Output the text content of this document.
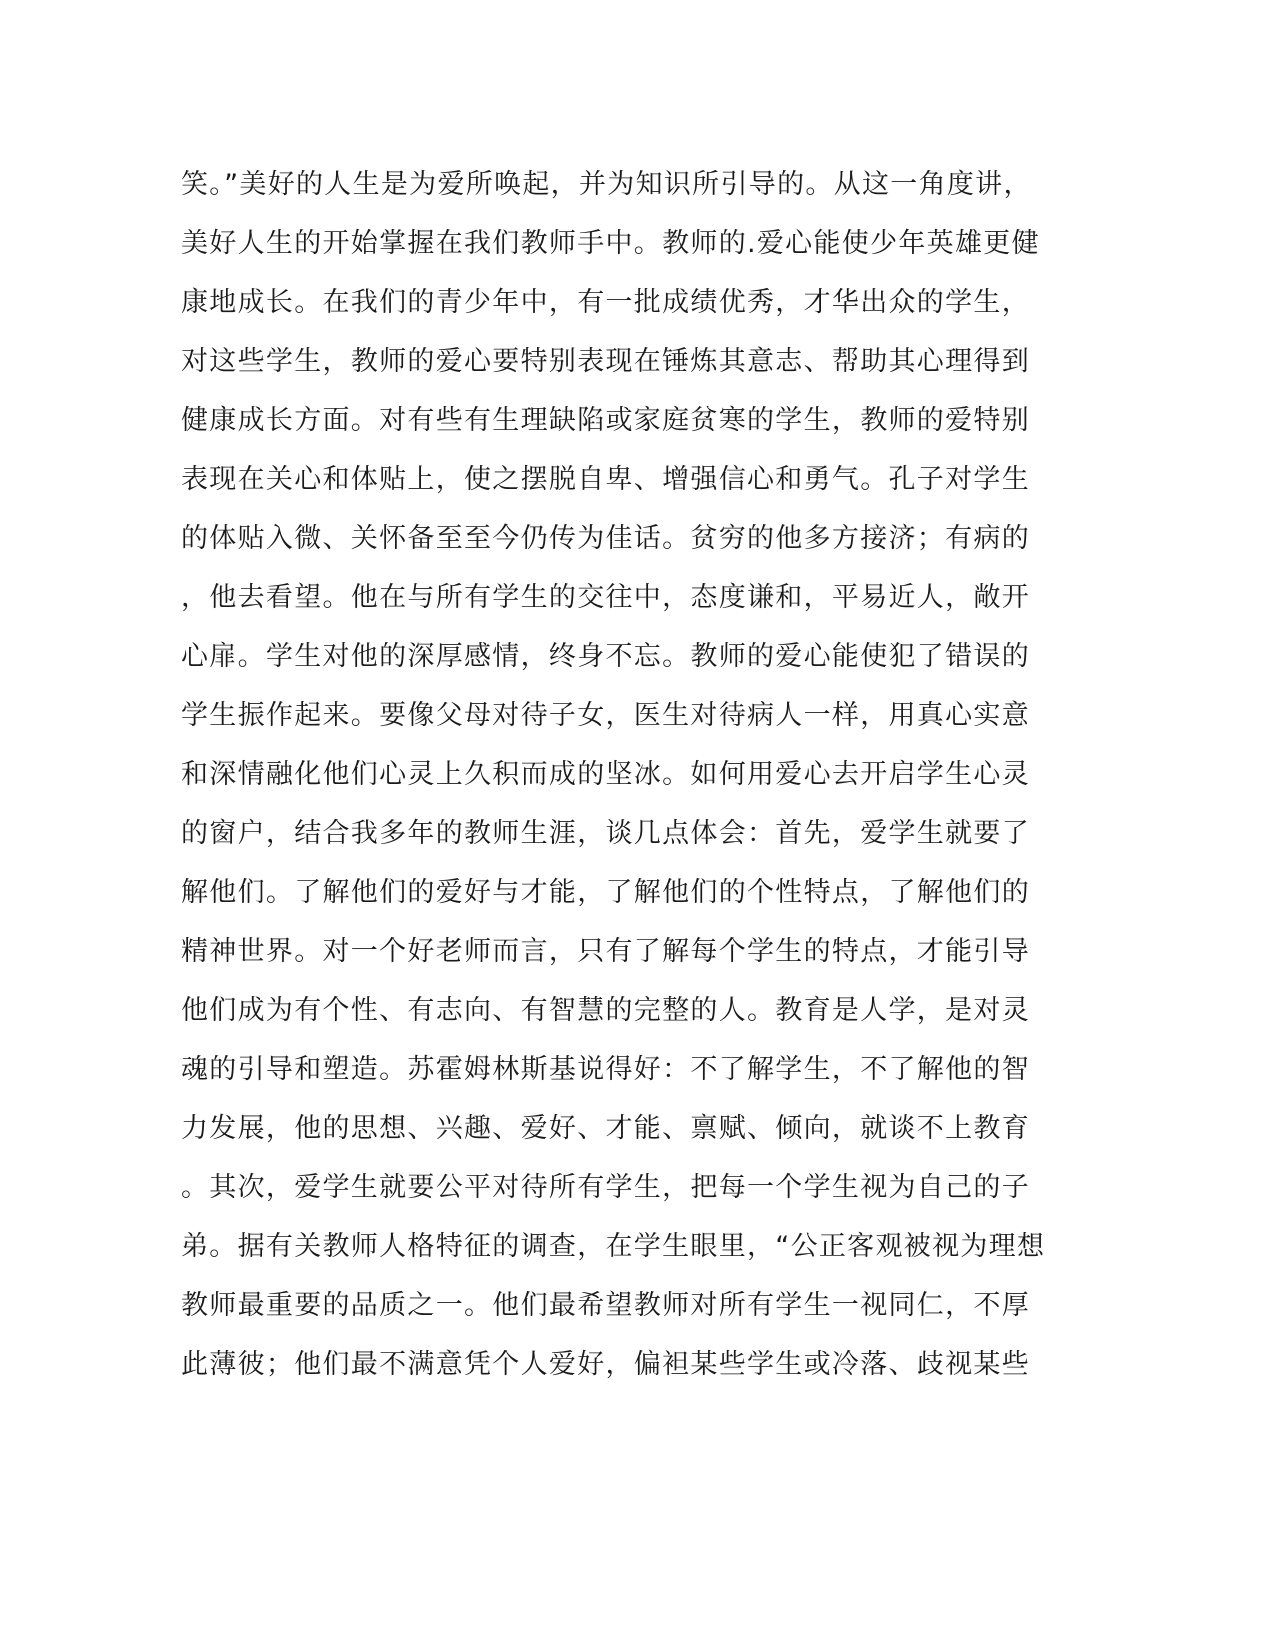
笑。”美好的人生是为爱所唤起，并为知识所引导的。从这一角度讲，
美好人生的开始掌握在我们教师手中。教师的.爱心能使少年英雄更健
康地成长。在我们的青少年中，有一批成绩优秀，才华出众的学生，
对这些学生，教师的爱心要特别表现在锤炼其意志、帮助其心理得到
健康成长方面。对有些有生理缺陷或家庭贫寒的学生，教师的爱特别
表现在关心和体贴上，使之摆脱自卑、增强信心和勇气。孔子对学生
的体贴入微、关怀备至至今仍传为佳话。贫穷的他多方接济；有病的
，他去看望。他在与所有学生的交往中，态度谦和，平易近人，敞开
心扉。学生对他的深厚感情，终身不忘。教师的爱心能使犯了错误的
学生振作起来。要像父母对待子女，医生对待病人一样，用真心实意
和深情融化他们心灵上久积而成的坚冰。如何用爱心去开启学生心灵
的窗户，结合我多年的教师生涯，谈几点体会：首先，爱学生就要了
解他们。了解他们的爱好与才能，了解他们的个性特点，了解他们的
精神世界。对一个好老师而言，只有了解每个学生的特点，才能引导
他们成为有个性、有志向、有智慧的完整的人。教育是人学，是对灵
魂的引导和塑造。苏霍姆林斯基说得好：不了解学生，不了解他的智
力发展，他的思想、兴趣、爱好、才能、禀赋、倾向，就谈不上教育
。其次，爱学生就要公平对待所有学生，把每一个学生视为自己的子
弟。据有关教师人格特征的调查，在学生眼里，“公正客观被视为理想
教师最重要的品质之一。他们最希望教师对所有学生一视同仁，不厚
此薄彼；他们最不满意凭个人爱好，偏袒某些学生或冷落、歧视某些
